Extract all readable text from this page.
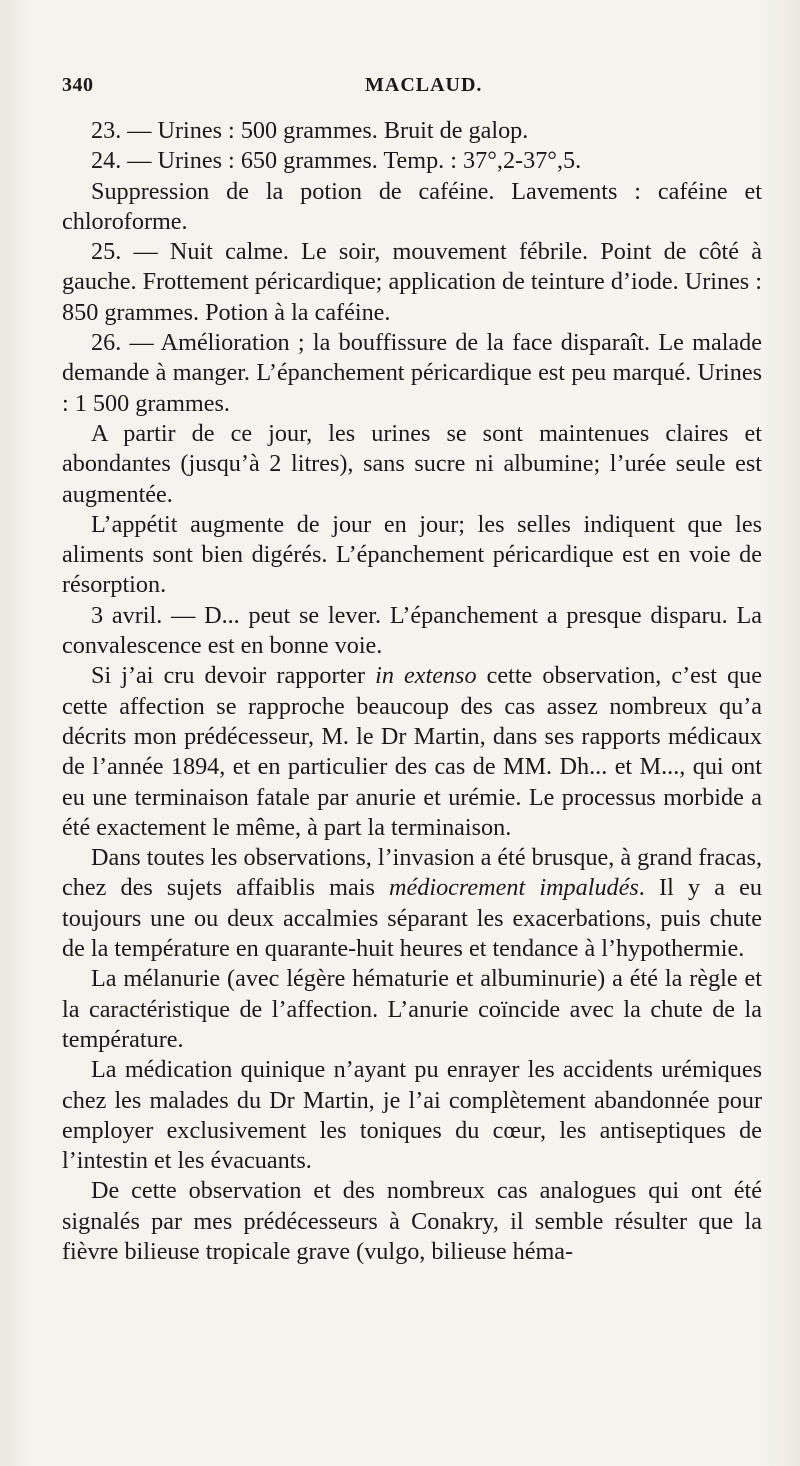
340	MACLAUD.

23. — Urines : 500 grammes. Bruit de galop.

24. — Urines : 650 grammes. Temp. : 37°,2-37°,5.

Suppression de la potion de caféine. Lavements : caféine et chloroforme.

25. — Nuit calme. Le soir, mouvement fébrile. Point de côté à gauche. Frottement péricardique; application de teinture d’iode. Urines : 850 grammes. Potion à la caféine.

26. — Amélioration ; la bouffissure de la face disparaît. Le malade demande à manger. L’épanchement péricardique est peu marqué. Urines : 1 500 grammes.

A partir de ce jour, les urines se sont maintenues claires et abondantes (jusqu’à 2 litres), sans sucre ni albumine; l’urée seule est augmentée.

L’appétit augmente de jour en jour; les selles indiquent que les aliments sont bien digérés. L’épanchement péricardique est en voie de résorption.

3 avril. — D... peut se lever. L’épanchement a presque disparu. La convalescence est en bonne voie.

Si j’ai cru devoir rapporter in extenso cette observation, c’est que cette affection se rapproche beaucoup des cas assez nombreux qu’a décrits mon prédécesseur, M. le Dr Martin, dans ses rapports médicaux de l’année 1894, et en particulier des cas de MM. Dh... et M..., qui ont eu une terminaison fatale par anurie et urémie. Le processus morbide a été exactement le même, à part la terminaison.

Dans toutes les observations, l’invasion a été brusque, à grand fracas, chez des sujets affaiblis mais médiocrement impaludés. Il y a eu toujours une ou deux accalmies séparant les exacerbations, puis chute de la température en quarante-huit heures et tendance à l’hypothermie.

La mélanurie (avec légère hématurie et albuminurie) a été la règle et la caractéristique de l’affection. L’anurie coïncide avec la chute de la température.

La médication quinique n’ayant pu enrayer les accidents urémiques chez les malades du Dr Martin, je l’ai complètement abandonnée pour employer exclusivement les toniques du cœur, les antiseptiques de l’intestin et les évacuants.

De cette observation et des nombreux cas analogues qui ont été signalés par mes prédécesseurs à Conakry, il semble résulter que la fièvre bilieuse tropicale grave (vulgo, bilieuse héma-
